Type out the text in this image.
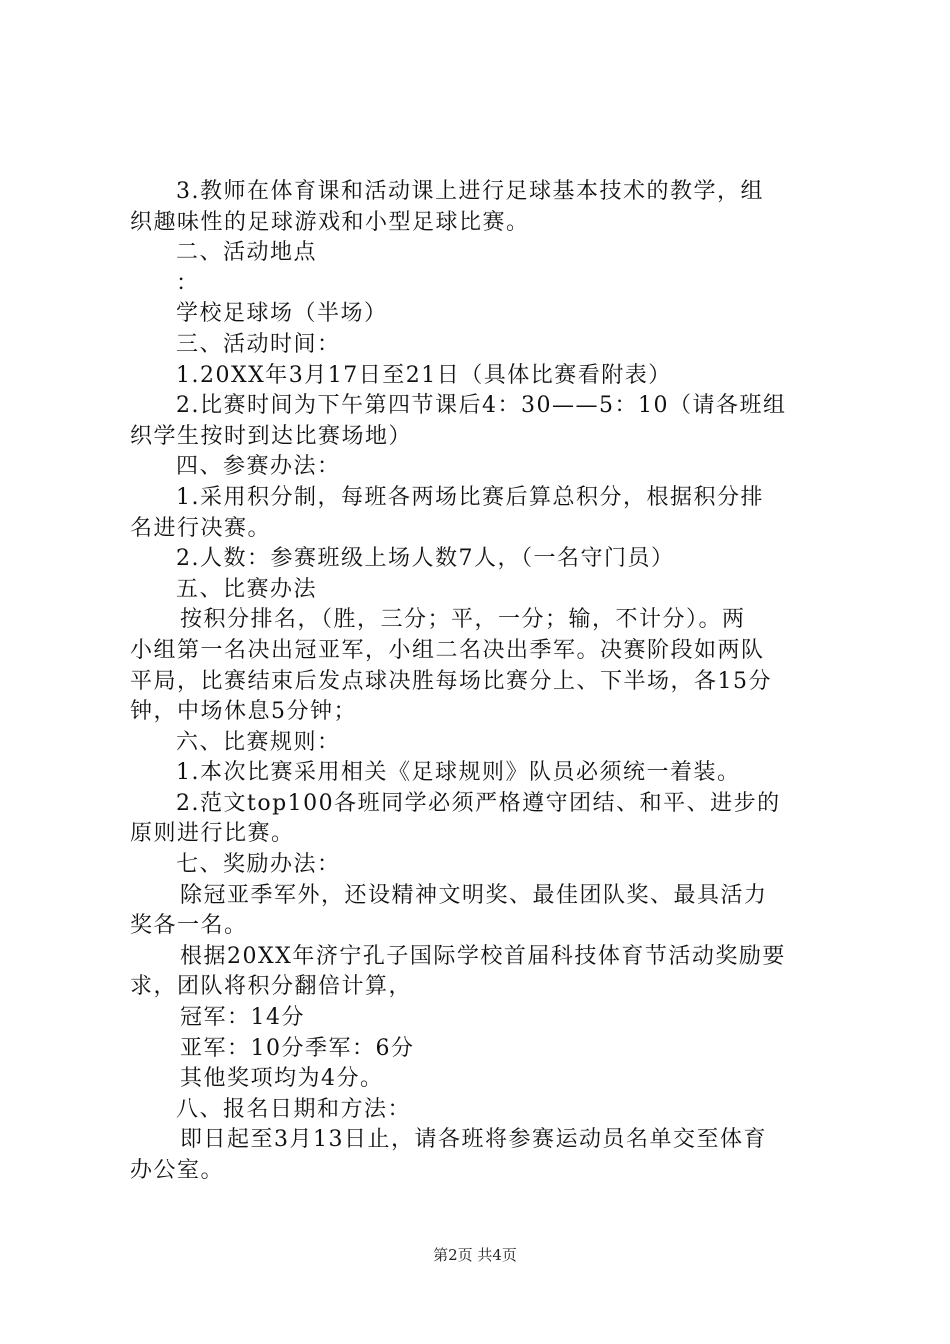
3.教师在体育课和活动课上进行足球基本技术的教学，组
织趣味性的足球游戏和小型足球比赛。
二、活动地点
：
学校足球场（半场）
三、活动时间：
1.20XX年3月17日至21日（具体比赛看附表）
2.比赛时间为下午第四节课后4：30——5：10（请各班组
织学生按时到达比赛场地）
四、参赛办法：
1.采用积分制，每班各两场比赛后算总积分，根据积分排
名进行决赛。
2.人数：参赛班级上场人数7人，（一名守门员）
五、比赛办法
按积分排名，（胜，三分；平，一分；输，不计分）。两
小组第一名决出冠亚军，小组二名决出季军。决赛阶段如两队
平局，比赛结束后发点球决胜每场比赛分上、下半场，各15分
钟，中场休息5分钟；
六、比赛规则：
1.本次比赛采用相关《足球规则》队员必须统一着装。
2.范文top100各班同学必须严格遵守团结、和平、进步的
原则进行比赛。
七、奖励办法：
除冠亚季军外，还设精神文明奖、最佳团队奖、最具活力
奖各一名。
根据20XX年济宁孔子国际学校首届科技体育节活动奖励要
求，团队将积分翻倍计算，
冠军：14分
亚军：10分季军：6分
其他奖项均为4分。
八、报名日期和方法：
即日起至3月13日止，请各班将参赛运动员名单交至体育
办公室。
第2页 共4页
